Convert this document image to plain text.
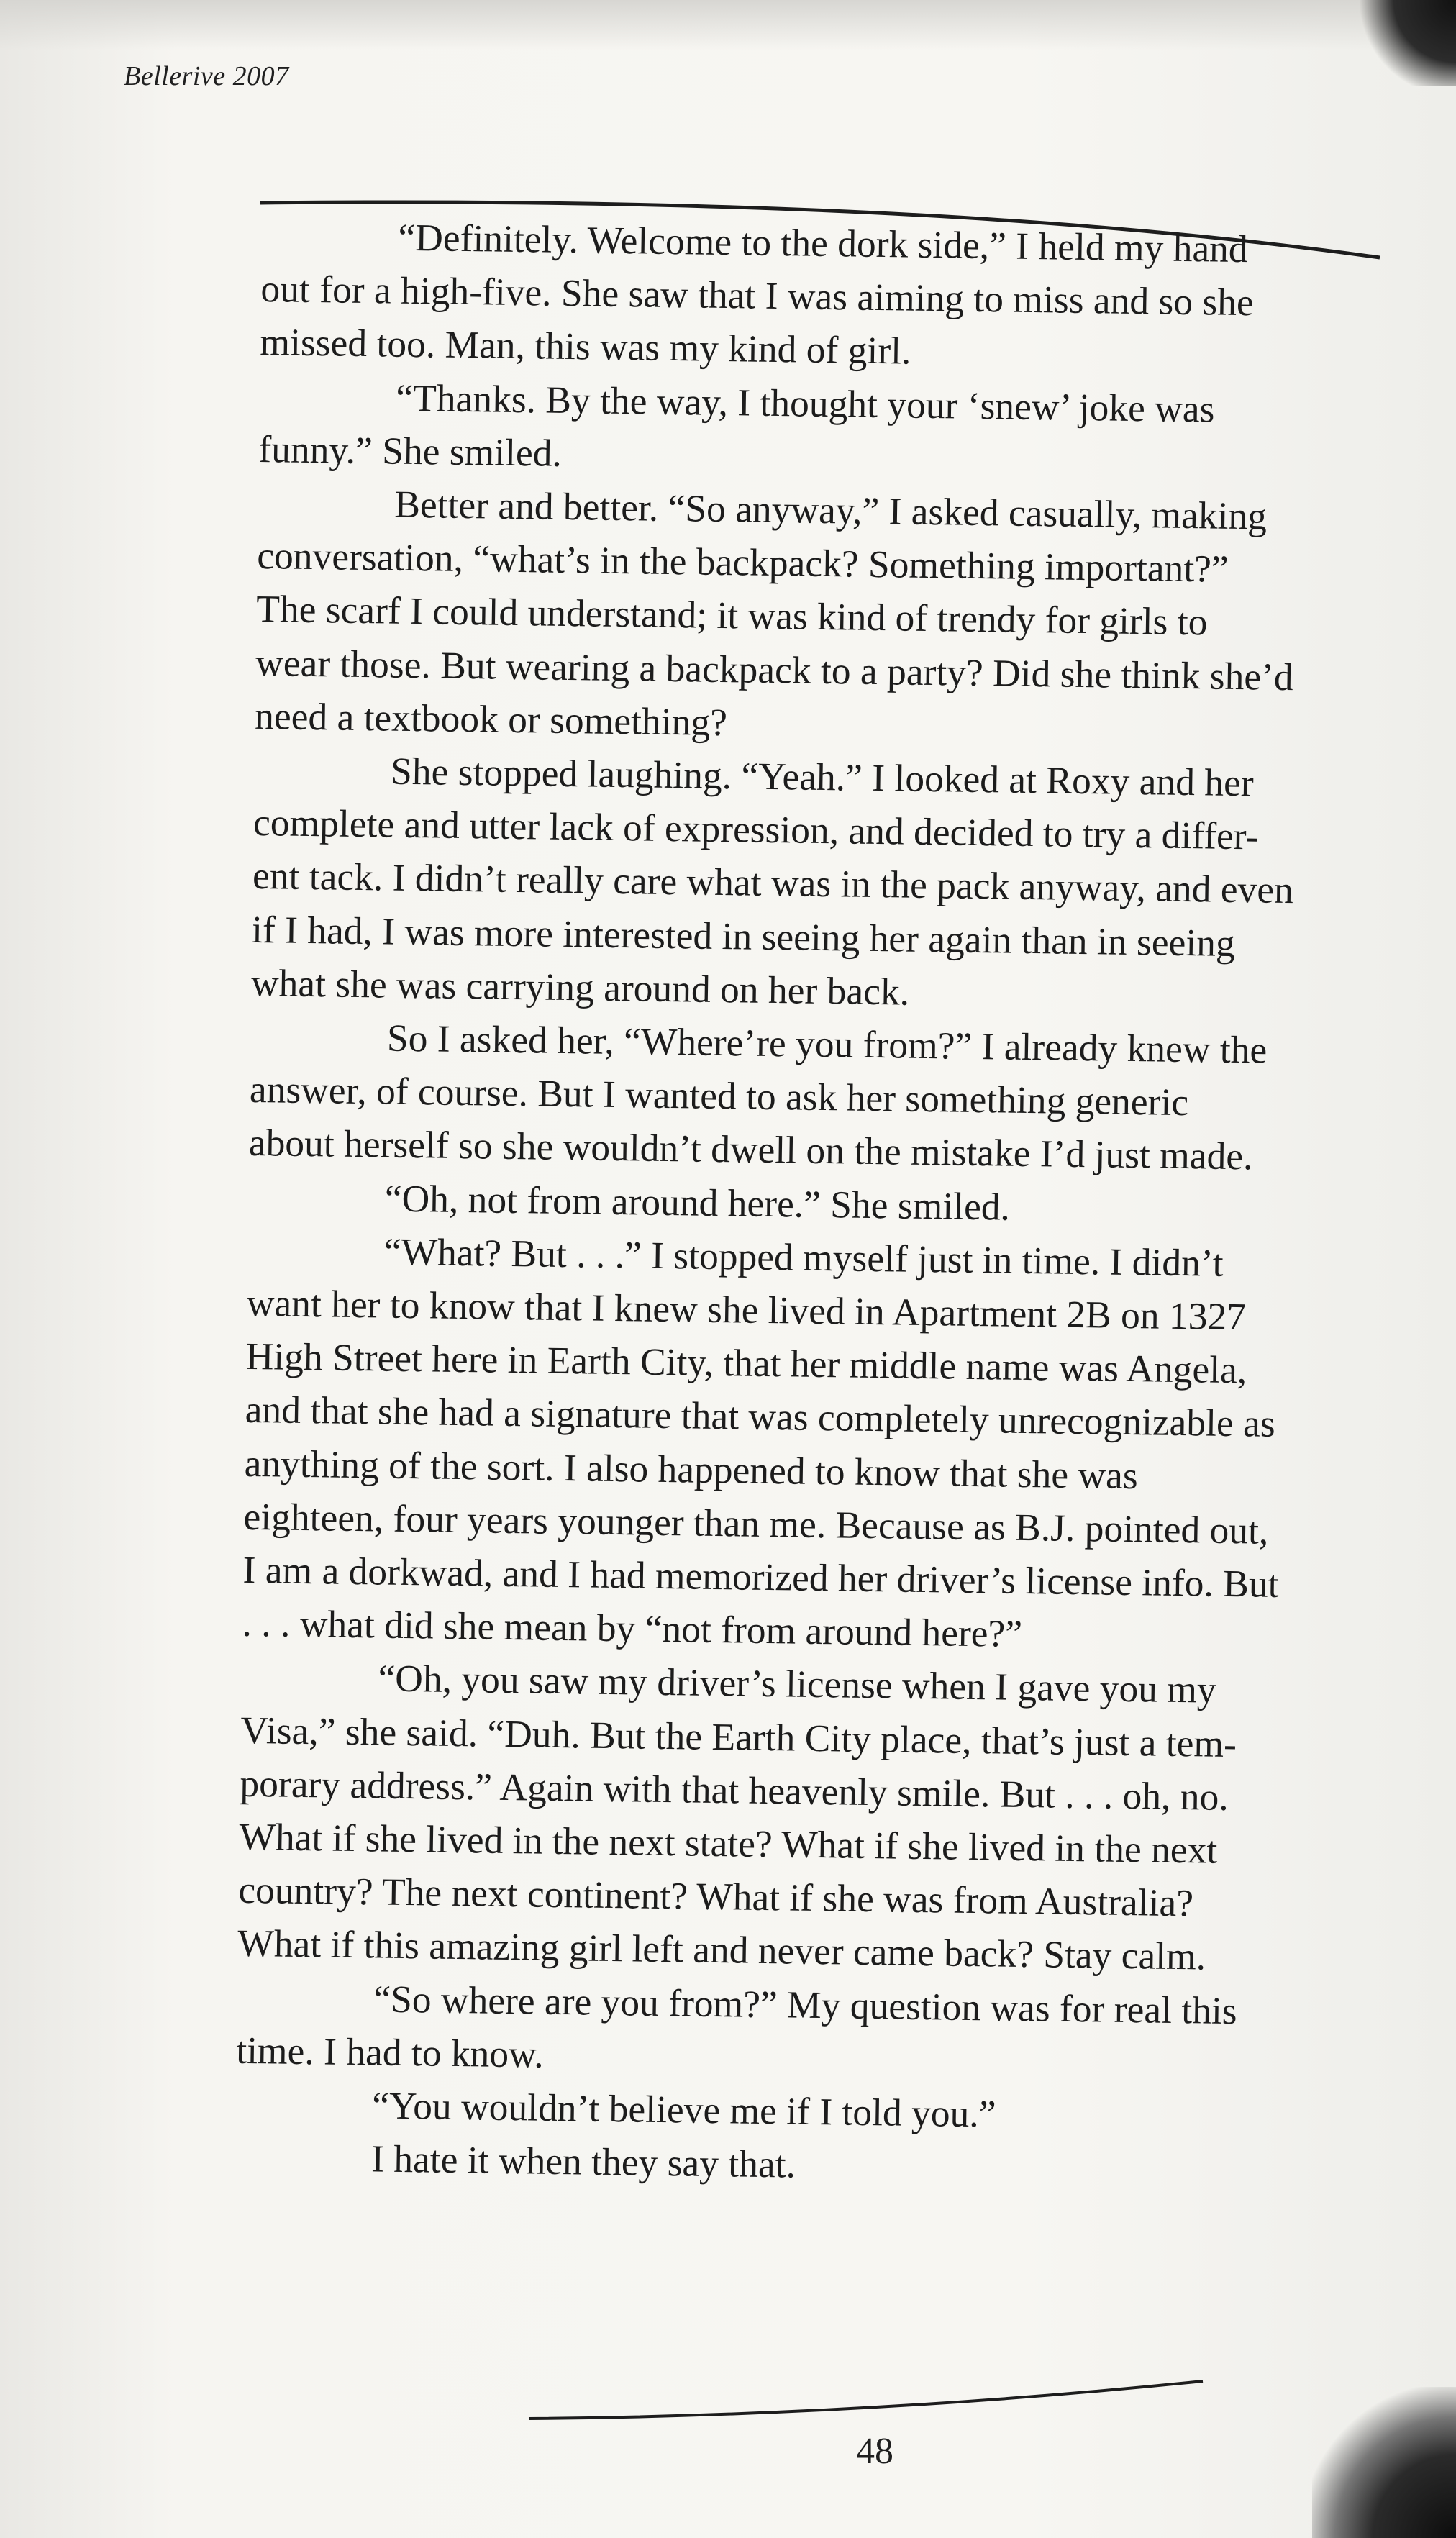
Bellerive 2007
“Definitely. Welcome to the dork side,” I held my hand
out for a high-five. She saw that I was aiming to miss and so she
missed too. Man, this was my kind of girl.
“Thanks. By the way, I thought your ‘snew’ joke was
funny.” She smiled.
Better and better. “So anyway,” I asked casually, making
conversation, “what’s in the backpack? Something important?”
The scarf I could understand; it was kind of trendy for girls to
wear those. But wearing a backpack to a party? Did she think she’d
need a textbook or something?
She stopped laughing. “Yeah.” I looked at Roxy and her
complete and utter lack of expression, and decided to try a differ-
ent tack. I didn’t really care what was in the pack anyway, and even
if I had, I was more interested in seeing her again than in seeing
what she was carrying around on her back.
So I asked her, “Where’re you from?” I already knew the
answer, of course. But I wanted to ask her something generic
about herself so she wouldn’t dwell on the mistake I’d just made.
“Oh, not from around here.” She smiled.
“What? But . . .” I stopped myself just in time. I didn’t
want her to know that I knew she lived in Apartment 2B on 1327
High Street here in Earth City, that her middle name was Angela,
and that she had a signature that was completely unrecognizable as
anything of the sort. I also happened to know that she was
eighteen, four years younger than me. Because as B.J. pointed out,
I am a dorkwad, and I had memorized her driver’s license info. But
. . . what did she mean by “not from around here?”
“Oh, you saw my driver’s license when I gave you my
Visa,” she said. “Duh. But the Earth City place, that’s just a tem-
porary address.” Again with that heavenly smile. But . . . oh, no.
What if she lived in the next state? What if she lived in the next
country? The next continent? What if she was from Australia?
What if this amazing girl left and never came back? Stay calm.
“So where are you from?” My question was for real this
time. I had to know.
“You wouldn’t believe me if I told you.”
I hate it when they say that.
48
